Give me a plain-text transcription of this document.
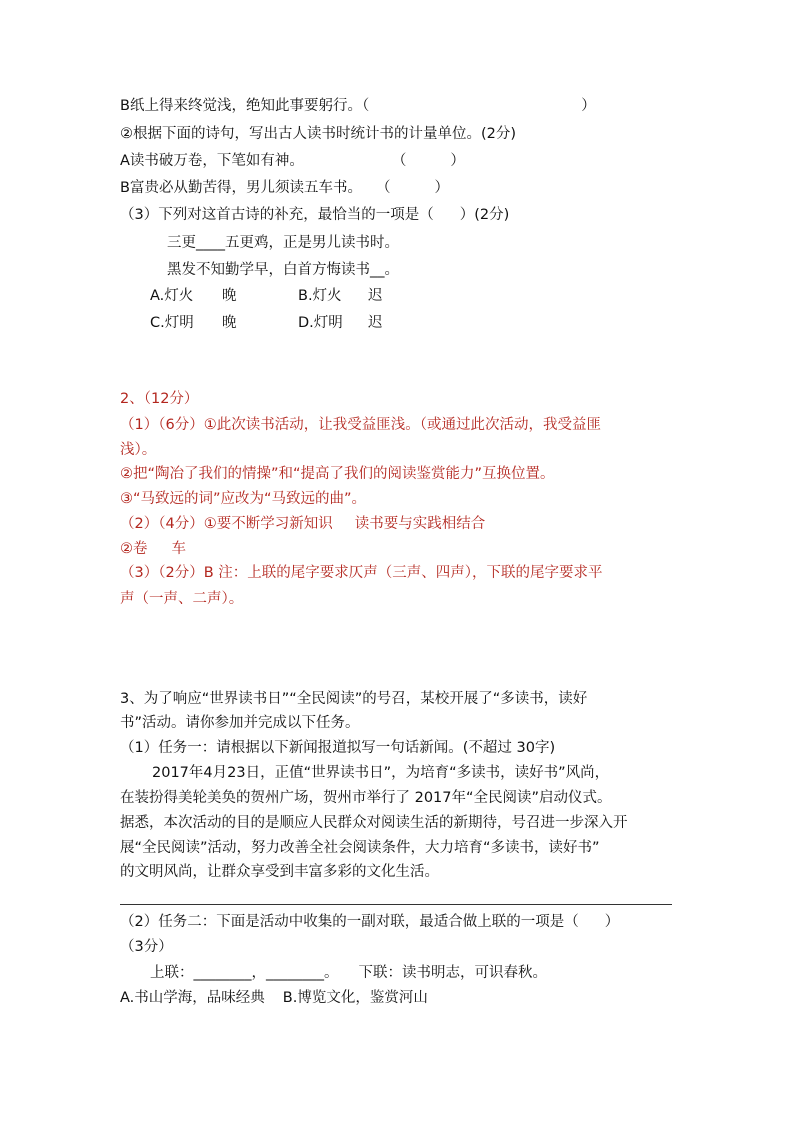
B纸上得来终觉浅，绝知此事要躬行。（	）
②根据下面的诗句，写出古人读书时统计书的计量单位。(2分)
A读书破万卷，下笔如有神。	（	）
B富贵必从勤苦得，男儿须读五车书。 （	）
（3）下列对这首古诗的补充，最恰当的一项是（ ）(2分)
三更____五更鸡，正是男儿读书时。
黑发不知勤学早，白首方悔读书__。
A.灯火 晚	B.灯火 迟
C.灯明 晚	D.灯明 迟
2、（12分）
（1）（6分）①此次读书活动，让我受益匪浅。（或通过此次活动，我受益匪
浅）。
②把“陶冶了我们的情操”和“提高了我们的阅读鉴赏能力”互换位置。
③“马致远的词”应改为“马致远的曲”。
（2）（4分）①要不断学习新知识 读书要与实践相结合
②卷 车
（3）（2分）B 注：上联的尾字要求仄声（三声、四声），下联的尾字要求平
声（一声、二声）。
3、为了响应“世界读书日”“全民阅读”的号召，某校开展了“多读书，读好
书”活动。请你参加并完成以下任务。
（1）任务一：请根据以下新闻报道拟写一句话新闻。(不超过 30字)
2017年4月23日，正值“世界读书日”，为培育“多读书，读好书”风尚，
在装扮得美轮美奂的贺州广场，贺州市举行了 2017年“全民阅读”启动仪式。
据悉，本次活动的目的是顺应人民群众对阅读生活的新期待，号召进一步深入开
展“全民阅读”活动，努力改善全社会阅读条件，大力培育“多读书，读好书”
的文明风尚，让群众享受到丰富多彩的文化生活。
（2）任务二：下面是活动中收集的一副对联，最适合做上联的一项是（ ）
（3分）
上联：________，________。 下联：读书明志，可识春秋。
A.书山学海，品味经典 B.博览文化，鉴赏河山
